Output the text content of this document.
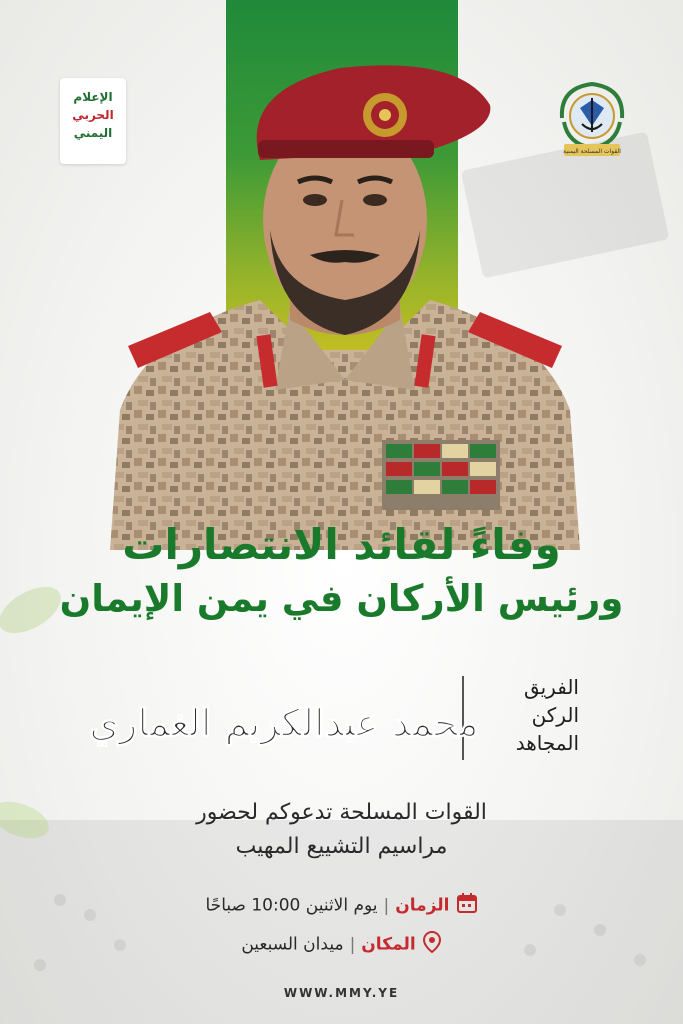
الإعلام
الحربي
اليمني
القوات المسلحة اليمنية
وفاءً لقائد الانتصارات
ورئيس الأركان في يمن الإيمان
الفريق
الركن
المجاهد
محمد عبدالكريم الغماري
القوات المسلحة تدعوكم لحضور
مراسيم التشييع المهيب
الزمان|يوم الاثنين 10:00 صباحًا
المكان|ميدان السبعين
WWW.MMY.YE
